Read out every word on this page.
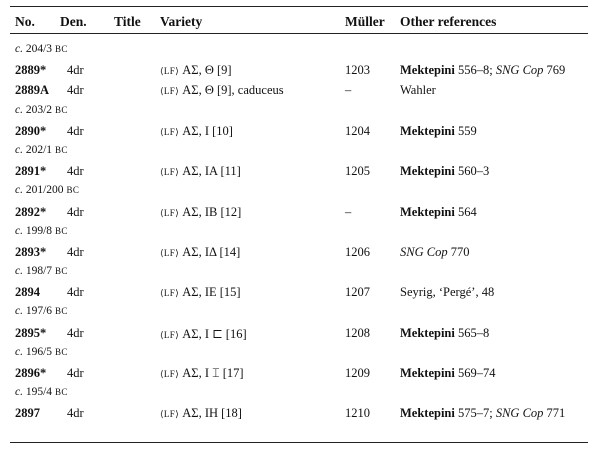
No. Den. Title Variety	Müller Other references
c. 204/3 BC
2889* 4dr	⟨LF⟩ ΑΣ, Θ [9]	1203 Mektepini 556–8; SNG Cop 769
2889A 4dr	⟨LF⟩ ΑΣ, Θ [9], caduceus	–	Wahler
c. 203/2 BC
2890* 4dr	⟨LF⟩ ΑΣ, Ι [10]	1204 Mektepini 559
c. 202/1 BC
2891* 4dr	⟨LF⟩ ΑΣ, ΙΑ [11]	1205 Mektepini 560–3
c. 201/200 BC
2892* 4dr	⟨LF⟩ ΑΣ, ΙΒ [12]	–	Mektepini 564
c. 199/8 BC
2893* 4dr	⟨LF⟩ ΑΣ, ΙΔ [14]	1206 SNG Cop 770
c. 198/7 BC
2894 4dr	⟨LF⟩ ΑΣ, ΙΕ [15]	1207 Seyrig, ‘Pergé’, 48
c. 197/6 BC
2895* 4dr	⟨LF⟩ ΑΣ, Ι ⊏ [16]	1208 Mektepini 565–8
c. 196/5 BC
2896* 4dr	⟨LF⟩ ΑΣ, Ι ⌶ [17]	1209 Mektepini 569–74
c. 195/4 BC
2897 4dr	⟨LF⟩ ΑΣ, ΙΗ [18]	1210 Mektepini 575–7; SNG Cop 771
